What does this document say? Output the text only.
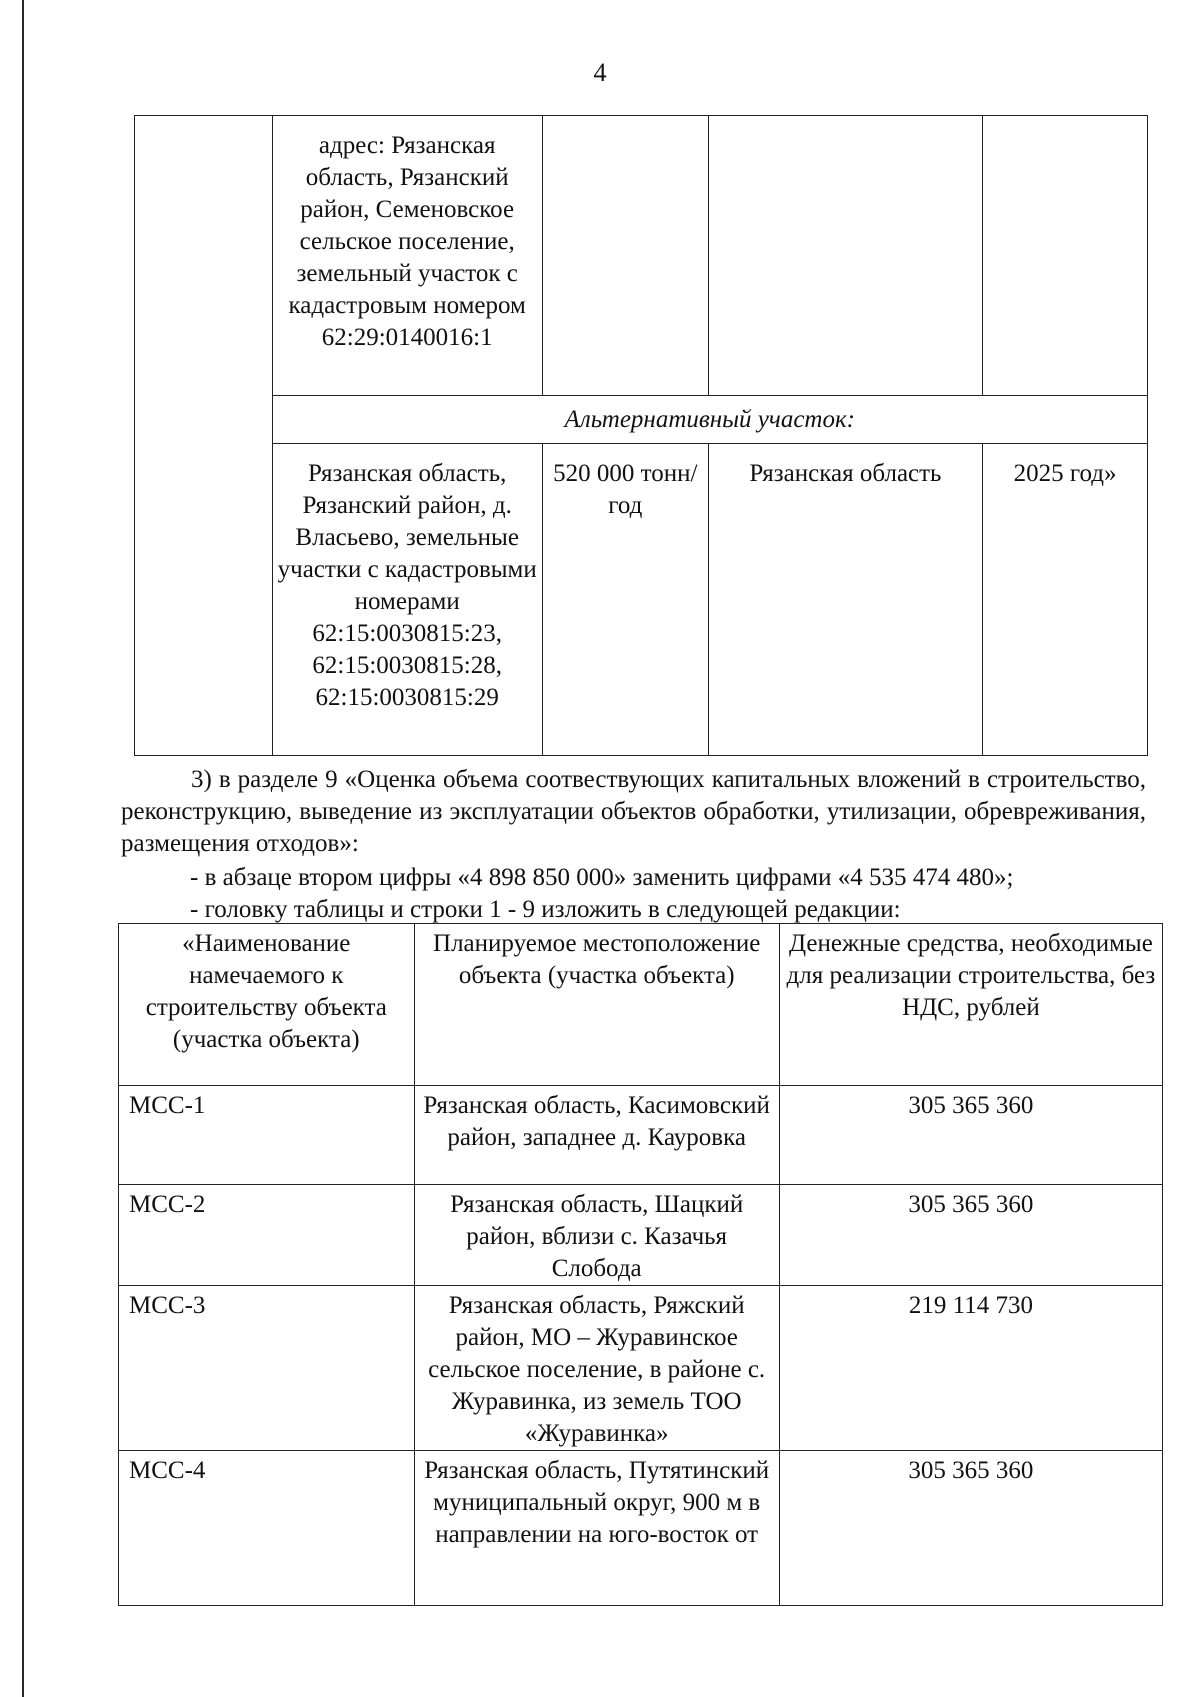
4

	адрес: Рязанская область, Рязанский район, Семеновское сельское поселение, земельный участок с кадастровым номером 62:29:0140016:1			

	Альтернативный участок:			

	Рязанская область, Рязанский район, д. Власьево, земельные участки с кадастровыми номерами 62:15:0030815:23, 62:15:0030815:28, 62:15:0030815:29	520 000 тонн/год	Рязанская область	2025 год»
3) в разделе 9 «Оценка объема соотвествующих капитальных вложений в строительство, реконструкцию, выведение из эксплуатации объектов обработки, утилизации, обревреживания, размещения отходов»:
- в абзаце втором цифры «4 898 850 000» заменить цифрами «4 535 474 480»;
- головку таблицы и строки 1 - 9 изложить в следующей редакции:
«Наименование намечаемого к строительству объекта (участка объекта)	Планируемое местоположение объекта (участка объекта)	Денежные средства, необходимые для реализации строительства, без НДС, рублей

МСС-1	Рязанская область, Касимовский район, западнее д. Кауровка	305 365 360

МСС-2	Рязанская область, Шацкий район, вблизи с. Казачья Слобода	305 365 360

МСС-3	Рязанская область, Ряжский район, МО – Журавинское сельское поселение, в районе с. Журавинка, из земель ТОО «Журавинка»	219 114 730

МСС-4	Рязанская область, Путятинский муниципальный округ, 900 м в направлении на юго-восток от	305 365 360
